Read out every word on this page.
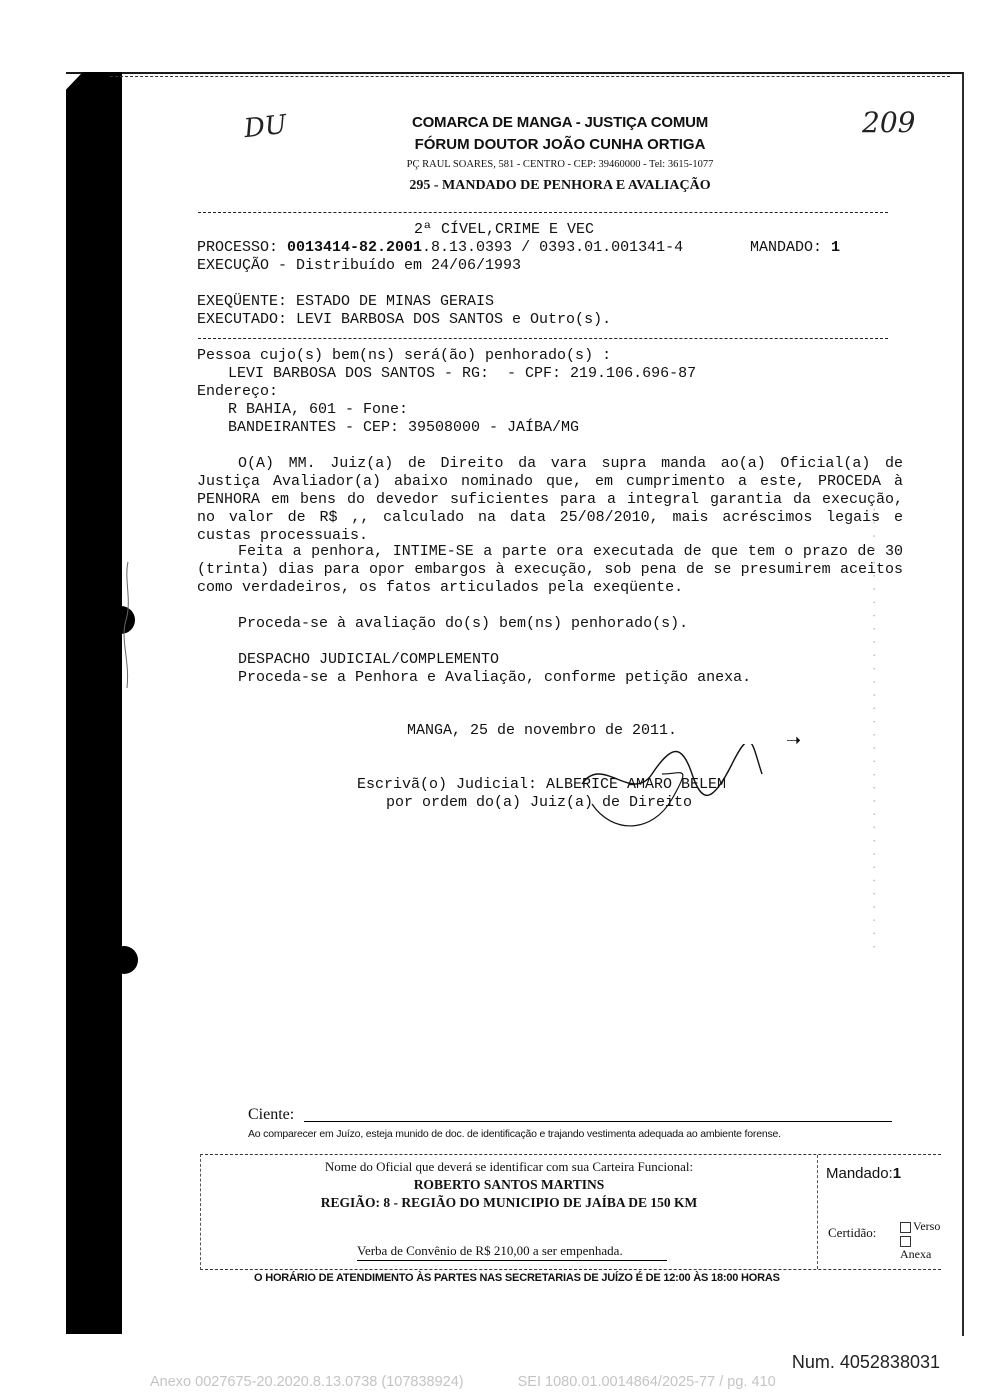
DU	209
COMARCA DE MANGA - JUSTIÇA COMUM
FÓRUM DOUTOR JOÃO CUNHA ORTIGA
PÇ RAUL SOARES, 581 - CENTRO - CEP: 39460000 - Tel: 3615-1077
295 - MANDADO DE PENHORA E AVALIAÇÃO
2ª CÍVEL,CRIME E VEC
PROCESSO: 0013414-82.2001.8.13.0393 / 0393.01.001341-4	MANDADO: 1
EXECUÇÃO - Distribuído em 24/06/1993
EXEQÜENTE: ESTADO DE MINAS GERAIS
EXECUTADO: LEVI BARBOSA DOS SANTOS e Outro(s).
Pessoa cujo(s) bem(ns) será(ão) penhorado(s) :
LEVI BARBOSA DOS SANTOS - RG:  - CPF: 219.106.696-87
Endereço:
R BAHIA, 601 - Fone:
BANDEIRANTES - CEP: 39508000 - JAÍBA/MG
O(A) MM. Juiz(a) de Direito da vara supra manda ao(a) Oficial(a) de Justiça Avaliador(a) abaixo nominado que, em cumprimento a este, PROCEDA à PENHORA em bens do devedor suficientes para a integral garantia da execução, no valor de R$ ,, calculado na data 25/08/2010, mais acréscimos legais e custas processuais.
Feita a penhora, INTIME-SE a parte ora executada de que tem o prazo de 30 (trinta) dias para opor embargos à execução, sob pena de se presumirem aceitos como verdadeiros, os fatos articulados pela exeqüente.
Proceda-se à avaliação do(s) bem(ns) penhorado(s).
DESPACHO JUDICIAL/COMPLEMENTO
Proceda-se a Penhora e Avaliação, conforme petição anexa.
MANGA, 25 de novembro de 2011.
Escrivã(o) Judicial: ALBERICE AMARO BELEM
por ordem do(a) Juiz(a) de Direito
➝	· · · · · · · · · · · · · · · · · · · · · · · · · · · · · · · · · · ·
Ciente:
Ao comparecer em Juízo, esteja munido de doc. de identificação e trajando vestimenta adequada ao ambiente forense.
Nome do Oficial que deverá se identificar com sua Carteira Funcional:
ROBERTO SANTOS MARTINS
REGIÃO: 8 - REGIÃO DO MUNICIPIO DE JAÍBA DE 150 KM
Verba de Convênio de R$ 210,00 a ser empenhada.
Mandado:1
Certidão:	Verso
Anexa
O HORÁRIO DE ATENDIMENTO ÀS PARTES NAS SECRETARIAS DE JUÍZO É DE 12:00 ÀS 18:00 HORAS
Num. 4052838031
Anexo 0027675-20.2020.8.13.0738 (107838924)	SEI 1080.01.0014864/2025-77 / pg. 410
